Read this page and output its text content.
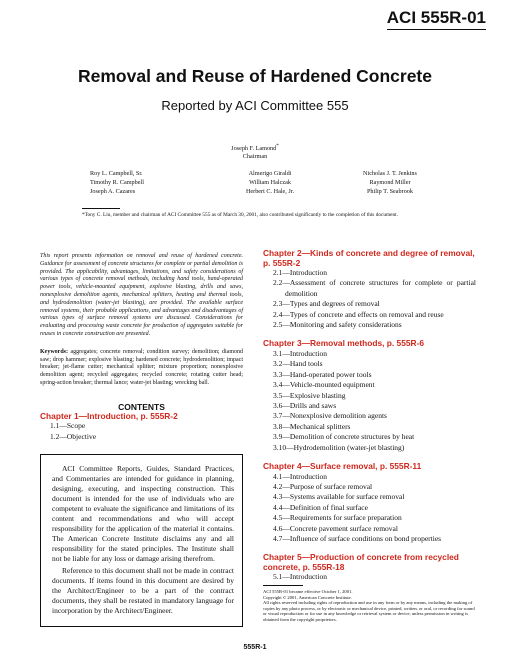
ACI 555R-01
Removal and Reuse of Hardened Concrete
Reported by ACI Committee 555
Joseph F. Lamond*
Chairman
Roy L. Campbell, Sr.	Almerigo Giraldi	Nicholas J. T. Jenkins
Timothy R. Campbell	William Halczak	Raymond Miller
Joseph A. Cazares	Herbert C. Hale, Jr.	Philip T. Seabrook
*Tony C. Liu, member and chairman of ACI Committee 555 as of March 30, 2001, also contributed significantly to the completion of this document.

This report presents information on removal and reuse of hardened concrete. Guidance for assessment of concrete structures for complete or partial demolition is provided. The applicability, advantages, limitations, and safety considerations of various types of concrete removal methods, including hand tools, hand-operated power tools, vehicle-mounted equipment, explosive blasting, drills and saws, nonexplosive demolition agents, mechanical splitters, heating and thermal tools, and hydrodemolition (water-jet blasting), are provided. The available surface removal systems, their probable applications, and advantages and disadvantages of various types of surface removal systems are discussed. Considerations for evaluating and processing waste concrete for production of aggregates suitable for reuses in concrete construction are presented.

Keywords: aggregates; concrete removal; condition survey; demolition; diamond saw; drop hammer; explosive blasting; hardened concrete; hydrodemolition; impact breaker; jet-flame cutter; mechanical splitter; mixture proportion; nonexplosive demolition agent; recycled aggregates; recycled concrete; rotating cutter head; spring-action breaker; thermal lance; water-jet blasting; wrecking ball.

CONTENTS
Chapter 1—Introduction, p. 555R-2
1.1—Scope
1.2—Objective

ACI Committee Reports, Guides, Standard Practices, and Commentaries are intended for guidance in planning, designing, executing, and inspecting construction. This document is intended for the use of individuals who are competent to evaluate the significance and limitations of its content and recommendations and who will accept responsibility for the application of the material it contains. The American Concrete Institute disclaims any and all responsibility for the stated principles. The Institute shall not be liable for any loss or damage arising therefrom.

Reference to this document shall not be made in contract documents. If items found in this document are desired by the Architect/Engineer to be a part of the contract documents, they shall be restated in mandatory language for incorporation by the Architect/Engineer.

Chapter 2—Kinds of concrete and degree of removal, p. 555R-2
2.1—Introduction
2.2—Assessment of concrete structures for complete or partial demolition
2.3—Types and degrees of removal
2.4—Types of concrete and effects on removal and reuse
2.5—Monitoring and safety considerations
Chapter 3—Removal methods, p. 555R-6
3.1—Introduction
3.2—Hand tools
3.3—Hand-operated power tools
3.4—Vehicle-mounted equipment
3.5—Explosive blasting
3.6—Drills and saws
3.7—Nonexplosive demolition agents
3.8—Mechanical splitters
3.9—Demolition of concrete structures by heat
3.10—Hydrodemolition (water-jet blasting)
Chapter 4—Surface removal, p. 555R-11
4.1—Introduction
4.2—Purpose of surface removal
4.3—Systems available for surface removal
4.4—Definition of final surface
4.5—Requirements for surface preparation
4.6—Concrete pavement surface removal
4.7—Influence of surface conditions on bond properties
Chapter 5—Production of concrete from recycled concrete, p. 555R-18
5.1—Introduction
ACI 555R-01 became effective October 1, 2001.
Copyright © 2001, American Concrete Institute.
All rights reserved including rights of reproduction and use in any form or by any means, including the making of copies by any photo process, or by electronic or mechanical device, printed, written, or oral, or recording for sound or visual reproduction or for use in any knowledge or retrieval system or device, unless permission in writing is obtained from the copyright proprietors.
555R-1
